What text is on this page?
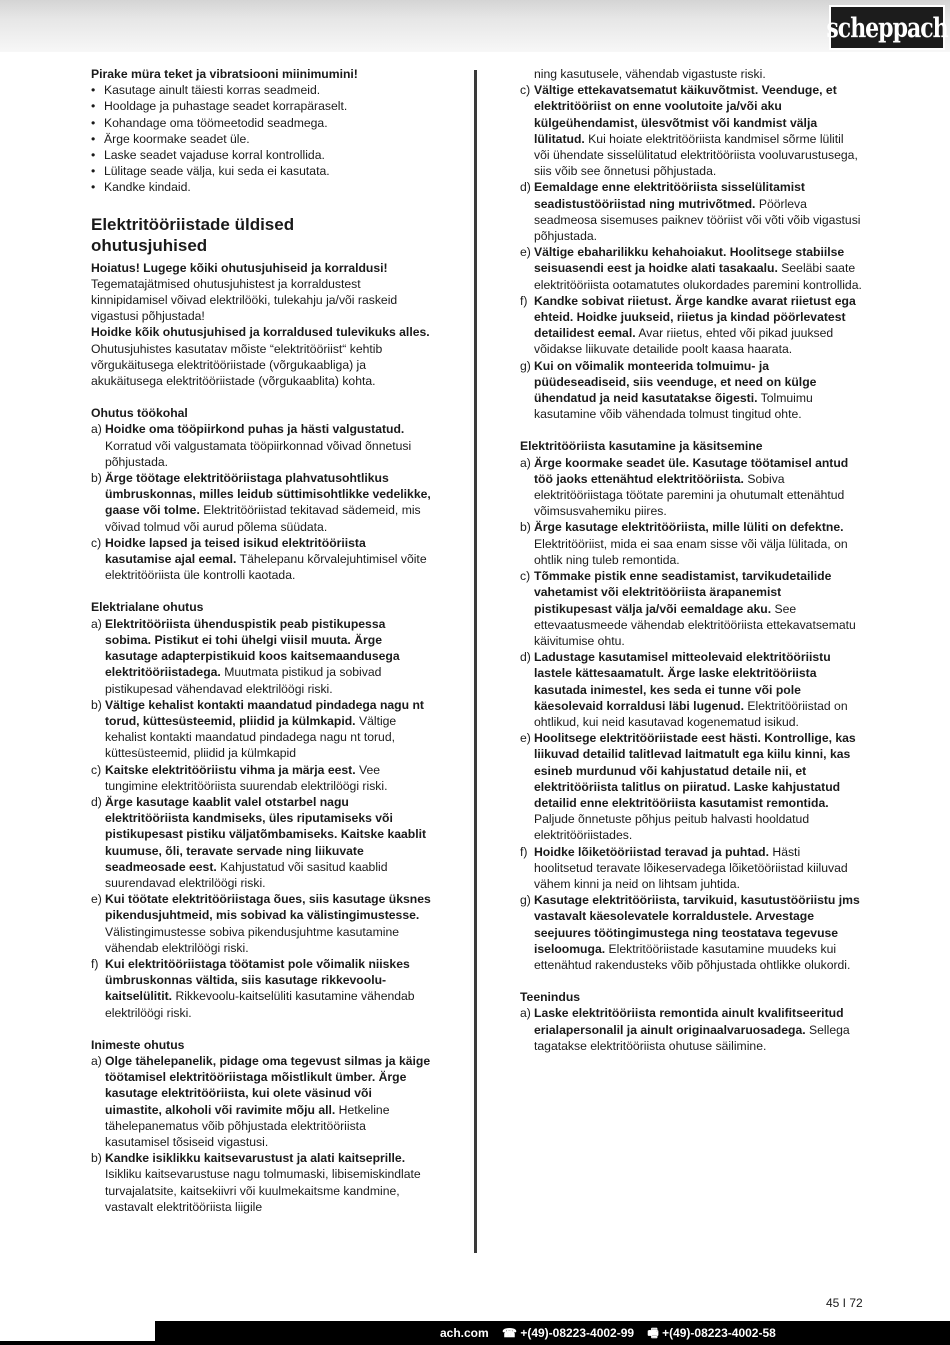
scheppach

Pirake müra teket ja vibratsiooni miinimumini!

• Kasutage ainult täiesti korras seadmeid.
• Hooldage ja puhastage seadet korrapäraselt.
• Kohandage oma töömeetodid seadmega.
• Ärge koormake seadet üle.
• Laske seadet vajaduse korral kontrollida.
• Lülitage seade välja, kui seda ei kasutata.
• Kandke kindaid.
Elektritööriistade üldised ohutusjuhised

Hoiatus! Lugege kõiki ohutusjuhiseid ja korraldusi! Tegematajätmised ohutusjuhistest ja korraldustest kinnipidamisel võivad elektrilööki, tulekahju ja/või raskeid vigastusi põhjustada!

Hoidke kõik ohutusjuhised ja korraldused tulevikuks alles.

Ohutusjuhistes kasutatav mõiste “elektritööriist“ kehtib võrgukäitusega elektritööriistade (võrgukaabliga) ja akukäitusega elektritööriistade (võrgukaablita) kohta.

Ohutus töökohal
a) Hoidke oma tööpiirkond puhas ja hästi valgustatud. Korratud või valgustamata tööpiirkonnad võivad õnnetusi põhjustada.
b) Ärge töötage elektritööriistaga plahvatusohtlikus ümbruskonnas, milles leidub süttimisohtlikke vedelikke, gaase või tolme. Elektritööriistad tekitavad sädemeid, mis võivad tolmud või aurud põlema süüdata.
c) Hoidke lapsed ja teised isikud elektritööriista kasutamise ajal eemal. Tähelepanu kõrvalejuhtimisel võite elektritööriista üle kontrolli kaotada.
Elektrialane ohutus
a) Elektritööriista ühenduspistik peab pistikupessa sobima. Pistikut ei tohi ühelgi viisil muuta. Ärge kasutage adapterpistikuid koos kaitsemaandusega elektritööriistadega. Muutmata pistikud ja sobivad pistikupesad vähendavad elektrilöögi riski.
b) Vältige kehalist kontakti maandatud pindadega nagu nt torud, küttesüsteemid, pliidid ja külmkapid. Vältige kehalist kontakti maandatud pindadega nagu nt torud, küttesüsteemid, pliidid ja külmkapid
c) Kaitske elektritööriistu vihma ja märja eest. Vee tungimine elektritööriista suurendab elektrilöögi riski.
d) Ärge kasutage kaablit valel otstarbel nagu elektritööriista kandmiseks, üles riputamiseks või pistikupesast pistiku väljatõmbamiseks. Kaitske kaablit kuumuse, õli, teravate servade ning liikuvate seadmeosade eest. Kahjustatud või sasitud kaablid suurendavad elektrilöögi riski.
e) Kui töötate elektritööriistaga õues, siis kasutage üksnes pikendusjuhtmeid, mis sobivad ka välistingimustesse. Välistingimustesse sobiva pikendusjuhtme kasutamine vähendab elektrilöögi riski.
f) Kui elektritööriistaga töötamist pole võimalik niiskes ümbruskonnas vältida, siis kasutage rikkevoolu-kaitselülitit. Rikkevoolu-kaitselüliti kasutamine vähendab elektrilöögi riski.
Inimeste ohutus
a) Olge tähelepanelik, pidage oma tegevust silmas ja käige töötamisel elektritööriistaga mõistlikult ümber. Ärge kasutage elektritööriista, kui olete väsinud või uimastite, alkoholi või ravimite mõju all. Hetkeline tähelepanematus võib põhjustada elektritööriista kasutamisel tõsiseid vigastusi.
b) Kandke isiklikku kaitsevarustust ja alati kaitseprille. Isikliku kaitsevarustuse nagu tolmumaski, libisemiskindlate turvajalatsite, kaitsekiivri või kuulmekaitsme kandmine, vastavalt elektritööriista liigile

ning kasutusele, vähendab vigastuste riski.

c) Vältige ettekavatsematut käikuvõtmist. Veenduge, et elektritööriist on enne voolutoite ja/või aku külgeühendamist, ülesvõtmist või kandmist välja lülitatud. Kui hoiate elektritööriista kandmisel sõrme lülitil või ühendate sisselülitatud elektritööriista vooluvarustusega, siis võib see õnnetusi põhjustada.
d) Eemaldage enne elektritööriista sisselülitamist seadistustööriistad ning mutrivõtmed. Pöörleva seadmeosa sisemuses paiknev tööriist või võti võib vigastusi põhjustada.
e) Vältige ebaharilikku kehahoiakut. Hoolitsege stabiilse seisuasendi eest ja hoidke alati tasakaalu. Seeläbi saate elektritööriista ootamatutes olukordades paremini kontrollida.
f) Kandke sobivat riietust. Ärge kandke avarat riietust ega ehteid. Hoidke juukseid, riietus ja kindad pöörlevatest detailidest eemal. Avar riietus, ehted või pikad juuksed võidakse liikuvate detailide poolt kaasa haarata.
g) Kui on võimalik monteerida tolmuimu- ja püüdeseadiseid, siis veenduge, et need on külge ühendatud ja neid kasutatakse õigesti. Tolmuimu kasutamine võib vähendada tolmust tingitud ohte.
Elektritööriista kasutamine ja käsitsemine
a) Ärge koormake seadet üle. Kasutage töötamisel antud töö jaoks ettenähtud elektritööriista. Sobiva elektritööriistaga töötate paremini ja ohutumalt ettenähtud võimsusvahemiku piires.
b) Ärge kasutage elektritööriista, mille lüliti on defektne. Elektritööriist, mida ei saa enam sisse või välja lülitada, on ohtlik ning tuleb remontida.
c) Tõmmake pistik enne seadistamist, tarvikudetailide vahetamist või elektritööriista ärapanemist pistikupesast välja ja/või eemaldage aku. See ettevaatusmeede vähendab elektritööriista ettekavatsematu käivitumise ohtu.
d) Ladustage kasutamisel mitteolevaid elektritööriistu lastele kättesaamatult. Ärge laske elektritööriista kasutada inimestel, kes seda ei tunne või pole käesolevaid korraldusi läbi lugenud. Elektritööriistad on ohtlikud, kui neid kasutavad kogenematud isikud.
e) Hoolitsege elektritööriistade eest hästi. Kontrollige, kas liikuvad detailid talitlevad laitmatult ega kiilu kinni, kas esineb murdunud või kahjustatud detaile nii, et elektritööriista talitlus on piiratud. Laske kahjustatud detailid enne elektritööriista kasutamist remontida. Paljude õnnetuste põhjus peitub halvasti hooldatud elektritööriistades.
f) Hoidke lõiketööriistad teravad ja puhtad. Hästi hoolitsetud teravate lõikeservadega lõiketööriistad kiiluvad vähem kinni ja neid on lihtsam juhtida.
g) Kasutage elektritööriista, tarvikuid, kasutustööriistu jms vastavalt käesolevatele korraldustele. Arvestage seejuures töötingimustega ning teostatava tegevuse iseloomuga. Elektritööriistade kasutamine muudeks kui ettenähtud rakendusteks võib põhjustada ohtlikke olukordi.
Teenindus
a) Laske elektritööriista remontida ainult kvalifitseeritud erialapersonalil ja ainult originaalvaruosadega. Sellega tagatakse elektritööriista ohutuse säilimine.
45 I 72
ach.com ☎ +(49)-08223-4002-99 🖷 +(49)-08223-4002-58
